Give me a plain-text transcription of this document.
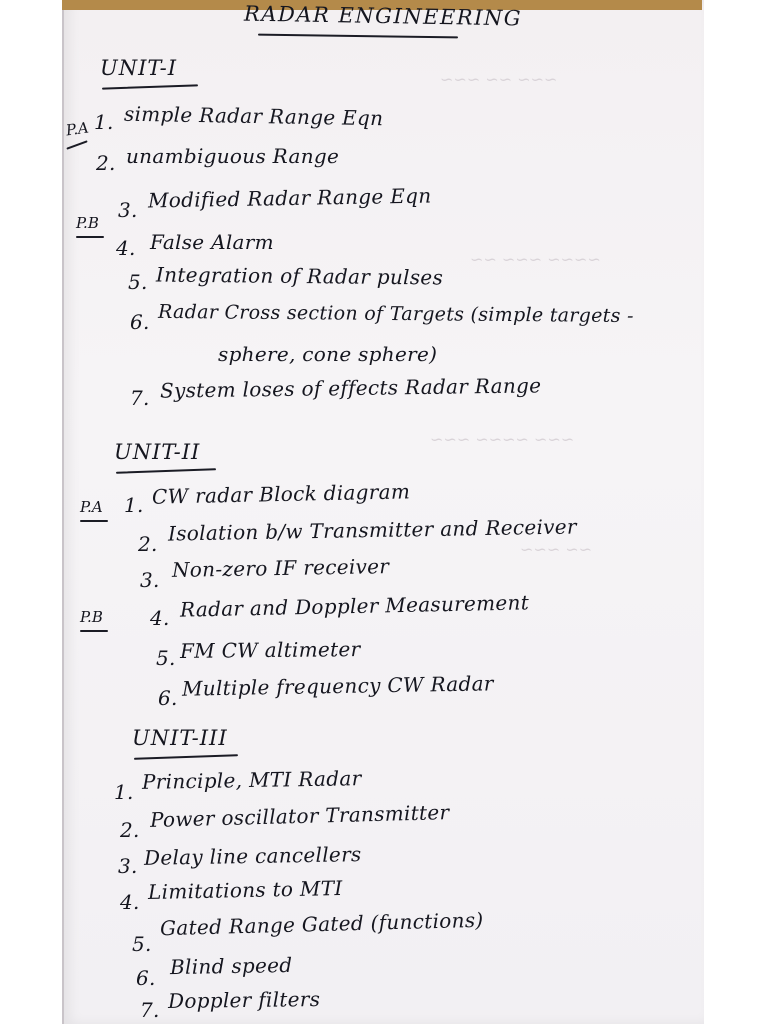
~~~ ~~ ~~~
~~~~ ~~~ ~~
~~~ ~~~~ ~~~
~~ ~~~
RADAR ENGINEERING
UNIT-I
P.A 1. simple Radar Range Eqn
2. unambiguous Range
P.B
3. Modified Radar Range Eqn
4. False Alarm
5. Integration of Radar pulses
6. Radar Cross section of Targets (simple targets -
sphere, cone sphere)
7. System loses of effects Radar Range
UNIT-II
P.A 1. CW radar Block diagram
2. Isolation b/w Transmitter and Receiver
3. Non-zero IF receiver
P.B 4. Radar and Doppler Measurement
5. FM CW altimeter
6. Multiple frequency CW Radar
UNIT-III
1. Principle, MTI Radar
2. Power oscillator Transmitter
3. Delay line cancellers
4. Limitations to MTI
5.
Gated Range Gated (functions)
6. Blind speed
7. Doppler filters
